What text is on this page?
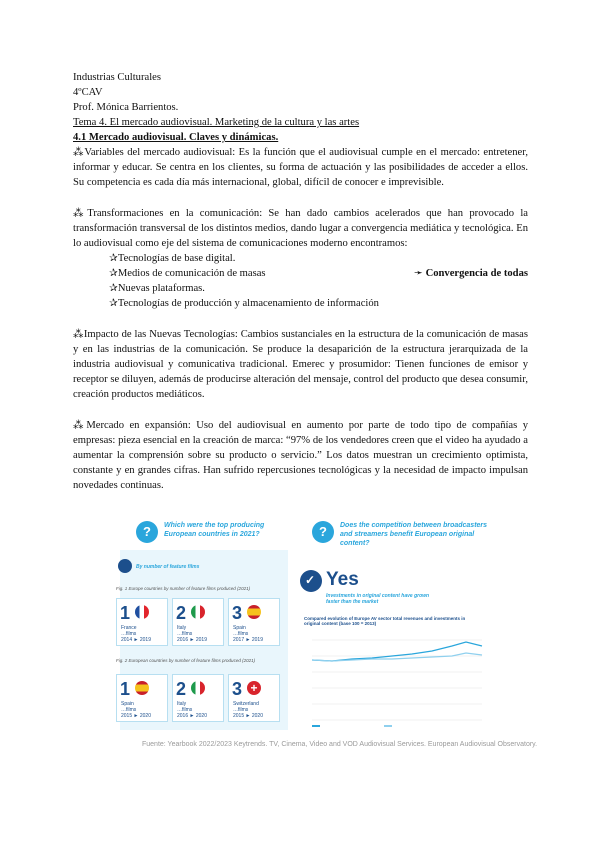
Industrias Culturales

4ºCAV

Prof. Mónica Barrientos.

Tema 4. El mercado audiovisual. Marketing de la cultura y las artes

4.1 Mercado audiovisual. Claves y dinámicas.

⁂Variables del mercado audiovisual: Es la función que el audiovisual cumple en el mercado: entretener, informar y educar. Se centra en los clientes, su forma de actuación y las posibilidades de acceder a ellos. Su competencia es cada día más internacional, global, difícil de conocer e imprevisible.

⁂Transformaciones en la comunicación: Se han dado cambios acelerados que han provocado la transformación transversal de los distintos medios, dando lugar a convergencia mediática y tecnológica. En lo audiovisual como eje del sistema de comunicaciones moderno encontramos:

✰Tecnologías de base digital.

✰Medios de comunicación de masas	➛ Convergencia de todas

✰Nuevas plataformas.

✰Tecnologías de producción y almacenamiento de información

⁂Impacto de las Nuevas Tecnologías: Cambios sustanciales en la estructura de la comunicación de masas y en las industrias de la comunicación. Se produce la desaparición de la estructura jerarquizada de la industria audiovisual y comunicativa tradicional. Emerec y prosumidor: Tienen funciones de emisor y receptor se diluyen, además de producirse alteración del mensaje, control del producto que desea consumir, creación productos mediáticos.

⁂Mercado en expansión: Uso del audiovisual en aumento por parte de todo tipo de compañías y empresas: pieza esencial en la creación de marca: “97% de los vendedores creen que el video ha ayudado a aumentar la comprensión sobre su producto o servicio.” Los datos muestran un crecimiento optimista, constante y en grandes cifras. Han sufrido repercusiones tecnológicas y la necesidad de impacto impulsan novedades continuas.

?	Which were the top producing European countries in 2021?
By number of feature films
Fig. 1 Europe countries by number of feature films produced (2021)
1
France
…films
2014 ► 2019
2
Italy
…films
2016 ► 2019
3
Spain
…films
2017 ► 2019
Fig. 2 European countries by number of feature films produced (2021)
1
Spain
…films
2015 ► 2020
2
Italy
…films
2016 ► 2020
3 +
Switzerland
…films
2015 ► 2020
?	Does the competition between broadcasters and streamers benefit European original content?
✓ Yes
Investments in original content have grown faster than the market
Compared evolution of Europe AV sector total revenues and investments in original content (base 100 = 2013)
Fuente: Yearbook 2022/2023 Keytrends. TV, Cinema, Video and VOD Audiovisual Services. European Audiovisual Observatory.
